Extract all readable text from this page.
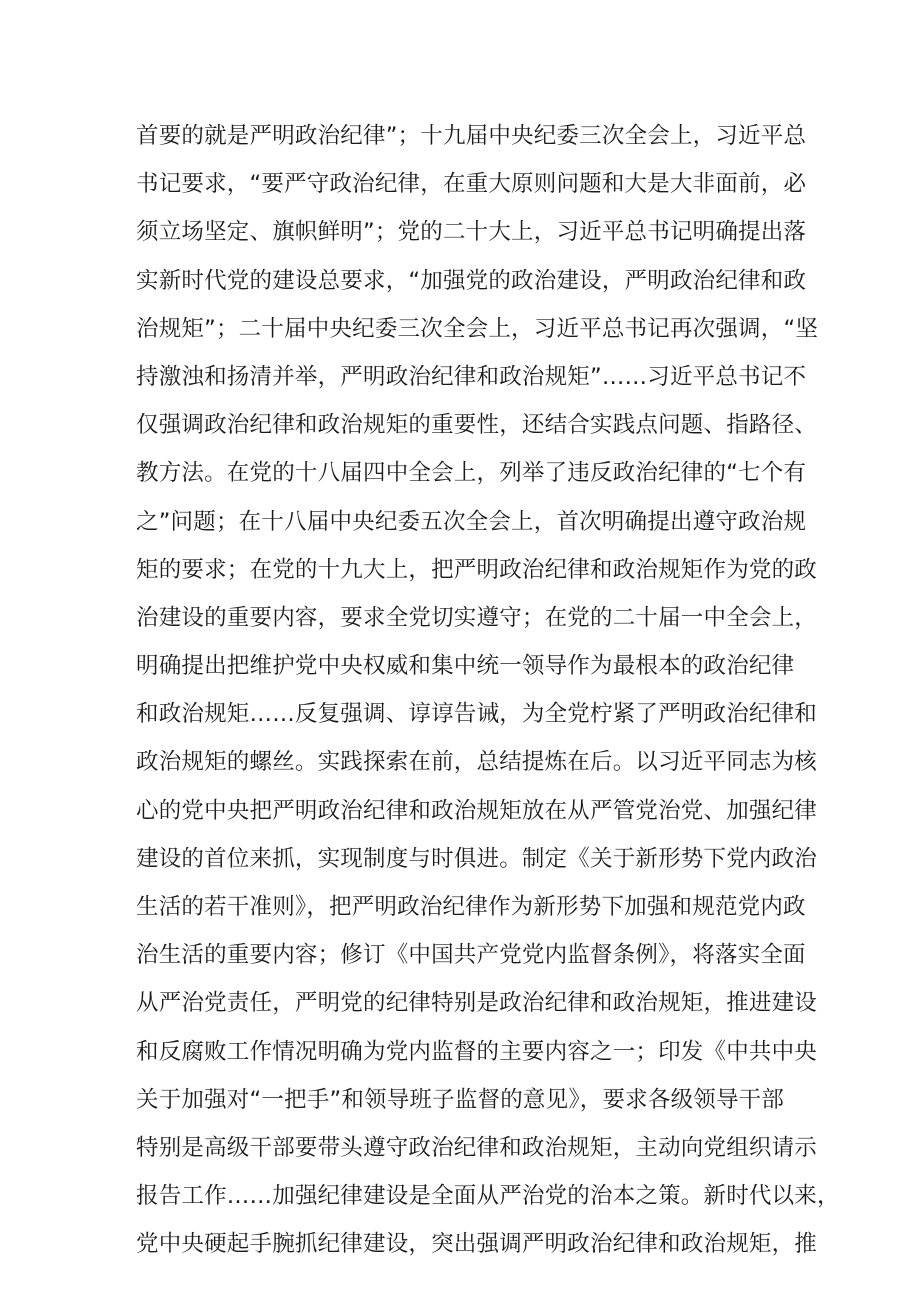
首要的就是严明政治纪律”；十九届中央纪委三次全会上，习近平总
书记要求，“要严守政治纪律，在重大原则问题和大是大非面前，必
须立场坚定、旗帜鲜明”；党的二十大上，习近平总书记明确提出落
实新时代党的建设总要求，“加强党的政治建设，严明政治纪律和政
治规矩”；二十届中央纪委三次全会上，习近平总书记再次强调，“坚
持激浊和扬清并举，严明政治纪律和政治规矩”……习近平总书记不
仅强调政治纪律和政治规矩的重要性，还结合实践点问题、指路径、
教方法。在党的十八届四中全会上，列举了违反政治纪律的“七个有
之”问题；在十八届中央纪委五次全会上，首次明确提出遵守政治规
矩的要求；在党的十九大上，把严明政治纪律和政治规矩作为党的政
治建设的重要内容，要求全党切实遵守；在党的二十届一中全会上，
明确提出把维护党中央权威和集中统一领导作为最根本的政治纪律
和政治规矩……反复强调、谆谆告诫，为全党柠紧了严明政治纪律和
政治规矩的螺丝。实践探索在前，总结提炼在后。以习近平同志为核
心的党中央把严明政治纪律和政治规矩放在从严管党治党、加强纪律
建设的首位来抓，实现制度与时俱进。制定《关于新形势下党内政治
生活的若干准则》，把严明政治纪律作为新形势下加强和规范党内政
治生活的重要内容；修订《中国共产党党内监督条例》，将落实全面
从严治党责任，严明党的纪律特别是政治纪律和政治规矩，推进建设
和反腐败工作情况明确为党内监督的主要内容之一；印发《中共中央
关于加强对“一把手”和领导班子监督的意见》，要求各级领导干部
特别是高级干部要带头遵守政治纪律和政治规矩，主动向党组织请示
报告工作……加强纪律建设是全面从严治党的治本之策。新时代以来，
党中央硬起手腕抓纪律建设，突出强调严明政治纪律和政治规矩，推
